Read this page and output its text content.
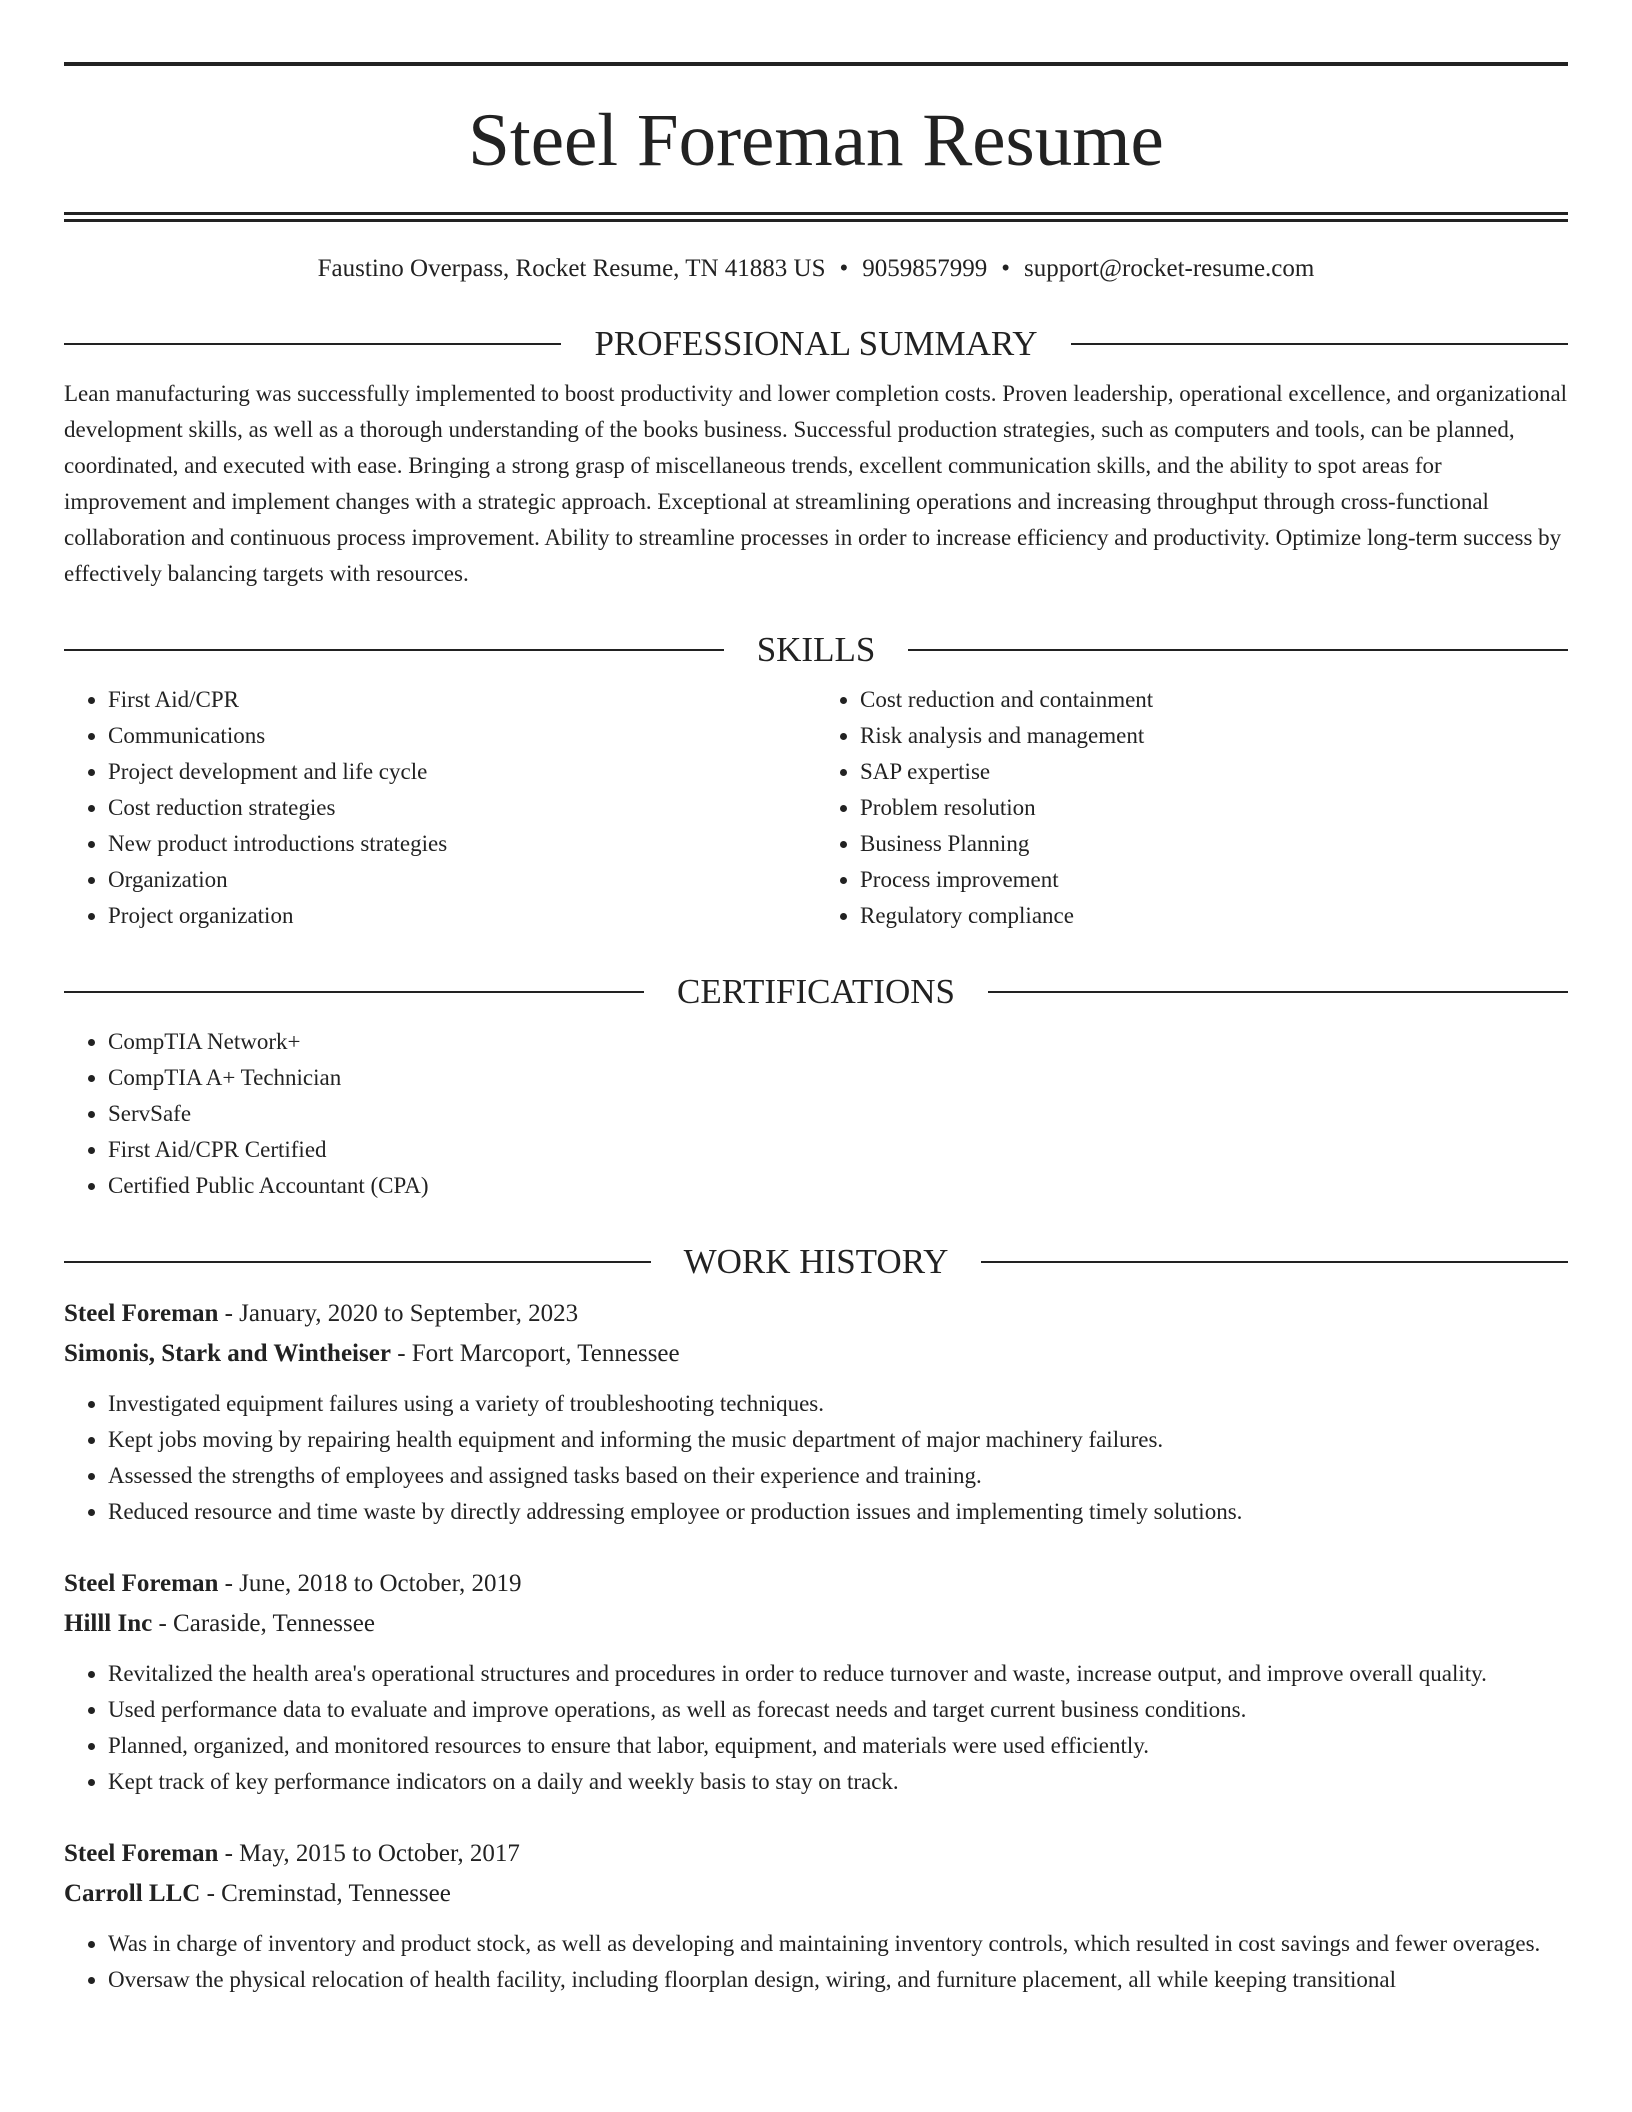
Steel Foreman Resume
Faustino Overpass, Rocket Resume, TN 41883 US • 9059857999 • support@rocket-resume.com
PROFESSIONAL SUMMARY

Lean manufacturing was successfully implemented to boost productivity and lower completion costs. Proven leadership, operational excellence, and organizational development skills, as well as a thorough understanding of the books business. Successful production strategies, such as computers and tools, can be planned, coordinated, and executed with ease. Bringing a strong grasp of miscellaneous trends, excellent communication skills, and the ability to spot areas for improvement and implement changes with a strategic approach. Exceptional at streamlining operations and increasing throughput through cross-functional collaboration and continuous process improvement. Ability to streamline processes in order to increase efficiency and productivity. Optimize long-term success by effectively balancing targets with resources.

SKILLS
• First Aid/CPR
• Communications
• Project development and life cycle
• Cost reduction strategies
• New product introductions strategies
• Organization
• Project organization
• Cost reduction and containment
• Risk analysis and management
• SAP expertise
• Problem resolution
• Business Planning
• Process improvement
• Regulatory compliance
CERTIFICATIONS
• CompTIA Network+
• CompTIA A+ Technician
• ServSafe
• First Aid/CPR Certified
• Certified Public Accountant (CPA)
WORK HISTORY
Steel Foreman - January, 2020 to September, 2023
Simonis, Stark and Wintheiser - Fort Marcoport, Tennessee
• Investigated equipment failures using a variety of troubleshooting techniques.
• Kept jobs moving by repairing health equipment and informing the music department of major machinery failures.
• Assessed the strengths of employees and assigned tasks based on their experience and training.
• Reduced resource and time waste by directly addressing employee or production issues and implementing timely solutions.
Steel Foreman - June, 2018 to October, 2019
Hilll Inc - Caraside, Tennessee
• Revitalized the health area's operational structures and procedures in order to reduce turnover and waste, increase output, and improve overall quality.
• Used performance data to evaluate and improve operations, as well as forecast needs and target current business conditions.
• Planned, organized, and monitored resources to ensure that labor, equipment, and materials were used efficiently.
• Kept track of key performance indicators on a daily and weekly basis to stay on track.
Steel Foreman - May, 2015 to October, 2017
Carroll LLC - Creminstad, Tennessee
• Was in charge of inventory and product stock, as well as developing and maintaining inventory controls, which resulted in cost savings and fewer overages.
• Oversaw the physical relocation of health facility, including floorplan design, wiring, and furniture placement, all while keeping transitional
